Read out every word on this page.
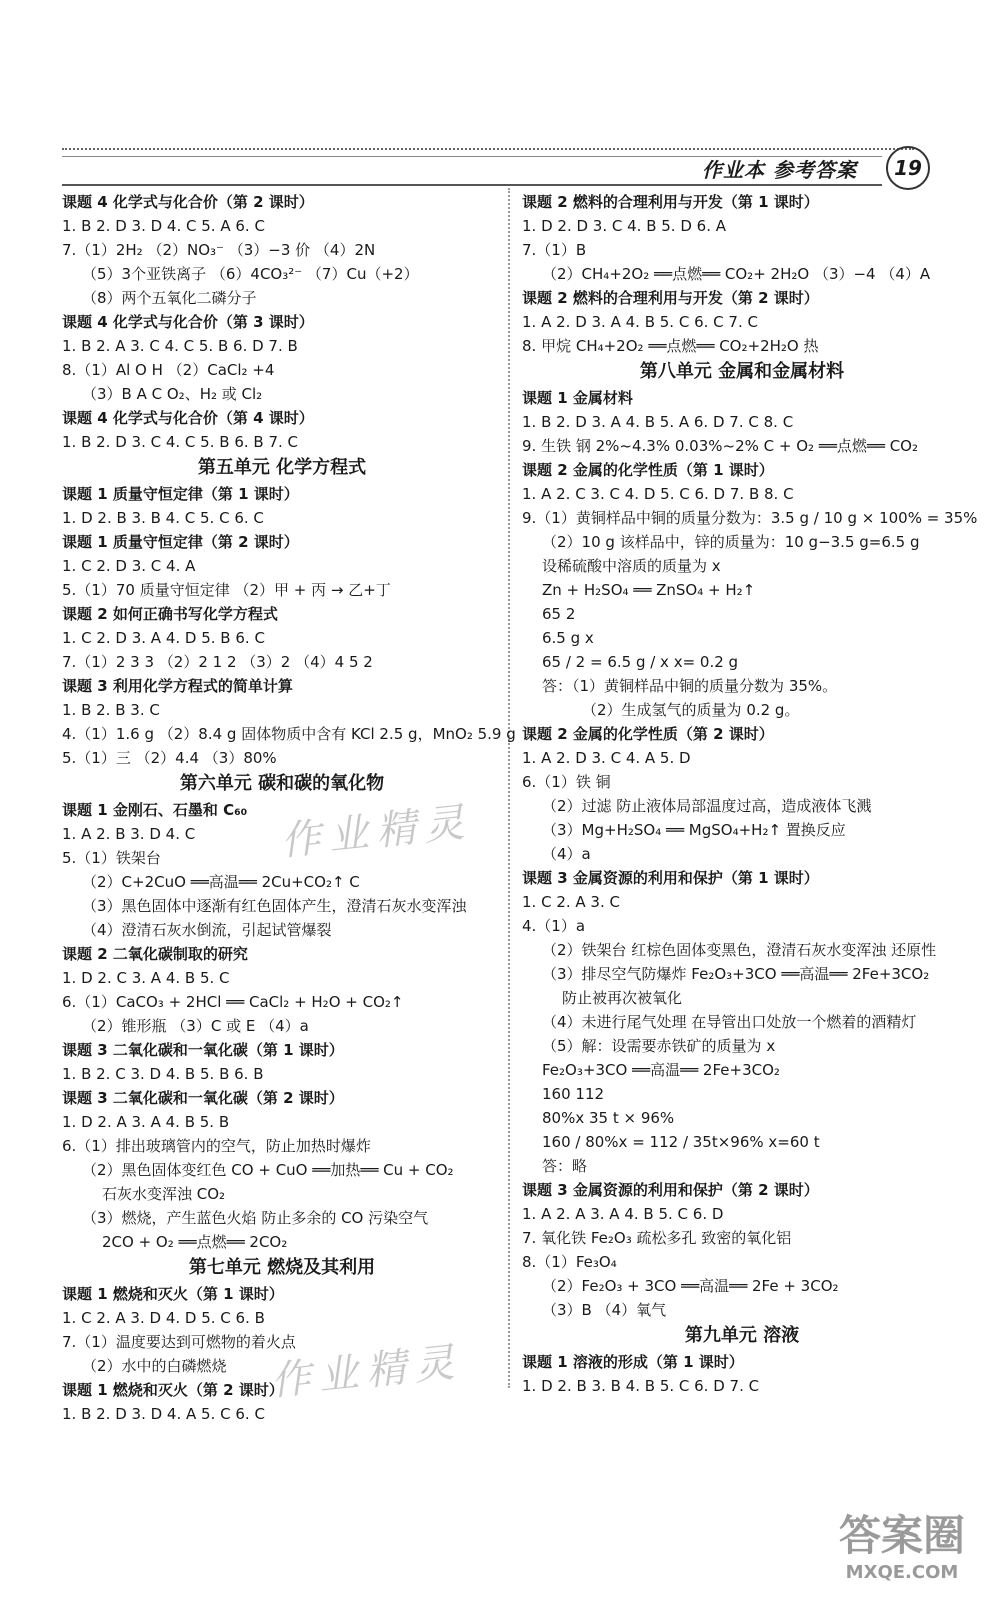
作业本 参考答案 19
课题 4 化学式与化合价（第 2 课时）
1. B 2. D 3. D 4. C 5. A 6. C
7.（1）2H₂ （2）NO₃⁻ （3）−3 价 （4）2N
（5）3个亚铁离子 （6）4CO₃²⁻ （7）Cu（+2）
（8）两个五氧化二磷分子
课题 4 化学式与化合价（第 3 课时）
1. B 2. A 3. C 4. C 5. B 6. D 7. B
8.（1）Al O H （2）CaCl₂ +4
（3）B A C O₂、H₂ 或 Cl₂
课题 4 化学式与化合价（第 4 课时）
1. B 2. D 3. C 4. C 5. B 6. B 7. C
第五单元 化学方程式
课题 1 质量守恒定律（第 1 课时）
1. D 2. B 3. B 4. C 5. C 6. C
课题 1 质量守恒定律（第 2 课时）
1. C 2. D 3. C 4. A
5.（1）70 质量守恒定律 （2）甲 + 丙 → 乙+丁
课题 2 如何正确书写化学方程式
1. C 2. D 3. A 4. D 5. B 6. C
7.（1）2 3 3 （2）2 1 2 （3）2 （4）4 5 2
课题 3 利用化学方程式的简单计算
1. B 2. B 3. C
4.（1）1.6 g （2）8.4 g 固体物质中含有 KCl 2.5 g，MnO₂ 5.9 g
5.（1）三 （2）4.4 （3）80%
第六单元 碳和碳的氧化物
课题 1 金刚石、石墨和 C₆₀
1. A 2. B 3. D 4. C
5.（1）铁架台
（2）C+2CuO ══高温══ 2Cu+CO₂↑ C
（3）黑色固体中逐渐有红色固体产生，澄清石灰水变浑浊
（4）澄清石灰水倒流，引起试管爆裂
课题 2 二氧化碳制取的研究
1. D 2. C 3. A 4. B 5. C
6.（1）CaCO₃ + 2HCl ══ CaCl₂ + H₂O + CO₂↑
（2）锥形瓶 （3）C 或 E （4）a
课题 3 二氧化碳和一氧化碳（第 1 课时）
1. B 2. C 3. D 4. B 5. B 6. B
课题 3 二氧化碳和一氧化碳（第 2 课时）
1. D 2. A 3. A 4. B 5. B
6.（1）排出玻璃管内的空气，防止加热时爆炸
（2）黑色固体变红色 CO + CuO ══加热══ Cu + CO₂
石灰水变浑浊 CO₂
（3）燃烧，产生蓝色火焰 防止多余的 CO 污染空气
2CO + O₂ ══点燃══ 2CO₂
第七单元 燃烧及其利用
课题 1 燃烧和灭火（第 1 课时）
1. C 2. A 3. D 4. D 5. C 6. B
7.（1）温度要达到可燃物的着火点
（2）水中的白磷燃烧
课题 1 燃烧和灭火（第 2 课时）
1. B 2. D 3. D 4. A 5. C 6. C
课题 2 燃料的合理利用与开发（第 1 课时）
1. D 2. D 3. C 4. B 5. D 6. A
7.（1）B
（2）CH₄+2O₂ ══点燃══ CO₂+ 2H₂O （3）−4 （4）A
课题 2 燃料的合理利用与开发（第 2 课时）
1. A 2. D 3. A 4. B 5. C 6. C 7. C
8. 甲烷 CH₄+2O₂ ══点燃══ CO₂+2H₂O 热
第八单元 金属和金属材料
课题 1 金属材料
1. B 2. D 3. A 4. B 5. A 6. D 7. C 8. C
9. 生铁 钢 2%~4.3% 0.03%~2% C + O₂ ══点燃══ CO₂
课题 2 金属的化学性质（第 1 课时）
1. A 2. C 3. C 4. D 5. C 6. D 7. B 8. C
9.（1）黄铜样品中铜的质量分数为：3.5 g / 10 g × 100% = 35%
（2）10 g 该样品中，锌的质量为：10 g−3.5 g=6.5 g
设稀硫酸中溶质的质量为 x
Zn + H₂SO₄ ══ ZnSO₄ + H₂↑
65 2
6.5 g x
65 / 2 = 6.5 g / x x= 0.2 g
答：（1）黄铜样品中铜的质量分数为 35%。
（2）生成氢气的质量为 0.2 g。
课题 2 金属的化学性质（第 2 课时）
1. A 2. D 3. C 4. A 5. D
6.（1）铁 铜
（2）过滤 防止液体局部温度过高，造成液体飞溅
（3）Mg+H₂SO₄ ══ MgSO₄+H₂↑ 置换反应
（4）a
课题 3 金属资源的利用和保护（第 1 课时）
1. C 2. A 3. C
4.（1）a
（2）铁架台 红棕色固体变黑色，澄清石灰水变浑浊 还原性
（3）排尽空气防爆炸 Fe₂O₃+3CO ══高温══ 2Fe+3CO₂
防止被再次被氧化
（4）未进行尾气处理 在导管出口处放一个燃着的酒精灯
（5）解：设需要赤铁矿的质量为 x
Fe₂O₃+3CO ══高温══ 2Fe+3CO₂
160 112
80%x 35 t × 96%
160 / 80%x = 112 / 35t×96% x=60 t
答：略
课题 3 金属资源的利用和保护（第 2 课时）
1. A 2. A 3. A 4. B 5. C 6. D
7. 氧化铁 Fe₂O₃ 疏松多孔 致密的氧化铝
8.（1）Fe₃O₄
（2）Fe₂O₃ + 3CO ══高温══ 2Fe + 3CO₂
（3）B （4）氧气
第九单元 溶液
课题 1 溶液的形成（第 1 课时）
1. D 2. B 3. B 4. B 5. C 6. D 7. C
作业精灵
作业精灵
答案圈
MXQE.COM
